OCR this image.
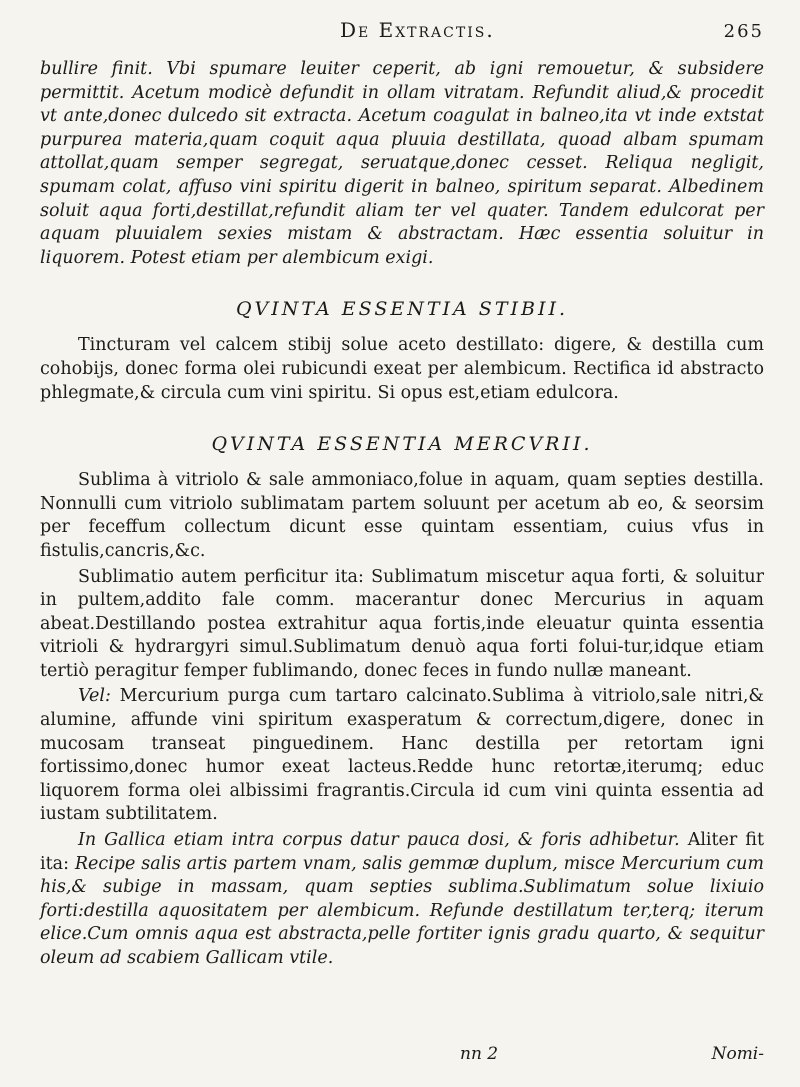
De Extractis.	265

bullire finit. Vbi spumare leuiter ceperit, ab igni remouetur, & subsidere permittit. Acetum modicè defundit in ollam vitratam. Refundit aliud,& procedit vt ante,donec dulcedo sit extracta. Acetum coagulat in balneo,ita vt inde extstat purpurea materia,quam coquit aqua pluuia destillata, quoad albam spumam attollat,quam semper segregat, seruatque,donec cesset. Reliqua negligit, spumam colat, affuso vini spiritu digerit in balneo, spiritum separat. Albedinem soluit aqua forti,destillat,refundit aliam ter vel quater. Tandem edulcorat per aquam pluuialem sexies mistam & abstractam. Hæc essentia soluitur in liquorem. Potest etiam per alembicum exigi.

QVINTA ESSENTIA STIBII.

Tincturam vel calcem stibij solue aceto destillato: digere, & destilla cum cohobijs, donec forma olei rubicundi exeat per alembicum. Rectifica id abstracto phlegmate,& circula cum vini spiritu. Si opus est,etiam edulcora.

QVINTA ESSENTIA MERCVRII.

Sublima à vitriolo & sale ammoniaco,folue in aquam, quam septies destilla. Nonnulli cum vitriolo sublimatam partem soluunt per acetum ab eo, & seorsim per feceffum collectum dicunt esse quintam essentiam, cuius vfus in fistulis,cancris,&c.

Sublimatio autem perficitur ita: Sublimatum miscetur aqua forti, & soluitur in pultem,addito fale comm. macerantur donec Mercurius in aquam abeat.Destillando postea extrahitur aqua fortis,inde eleuatur quinta essentia vitrioli & hydrargyri simul.Sublimatum denuò aqua forti folui-tur,idque etiam tertiò peragitur femper fublimando, donec feces in fundo nullæ maneant.

Vel: Mercurium purga cum tartaro calcinato.Sublima à vitriolo,sale nitri,& alumine, affunde vini spiritum exasperatum & correctum,digere, donec in mucosam transeat pinguedinem. Hanc destilla per retortam igni fortissimo,donec humor exeat lacteus.Redde hunc retortæ,iterumq; educ liquorem forma olei albissimi fragrantis.Circula id cum vini quinta essentia ad iustam subtilitatem.

In Gallica etiam intra corpus datur pauca dosi, & foris adhibetur. Aliter fit ita: Recipe salis artis partem vnam, salis gemmæ duplum, misce Mercurium cum his,& subige in massam, quam septies sublima.Sublimatum solue lixiuio forti:destilla aquositatem per alembicum. Refunde destillatum ter,terq; iterum elice.Cum omnis aqua est abstracta,pelle fortiter ignis gradu quarto, & sequitur oleum ad scabiem Gallicam vtile.

nn 2	Nomi-
